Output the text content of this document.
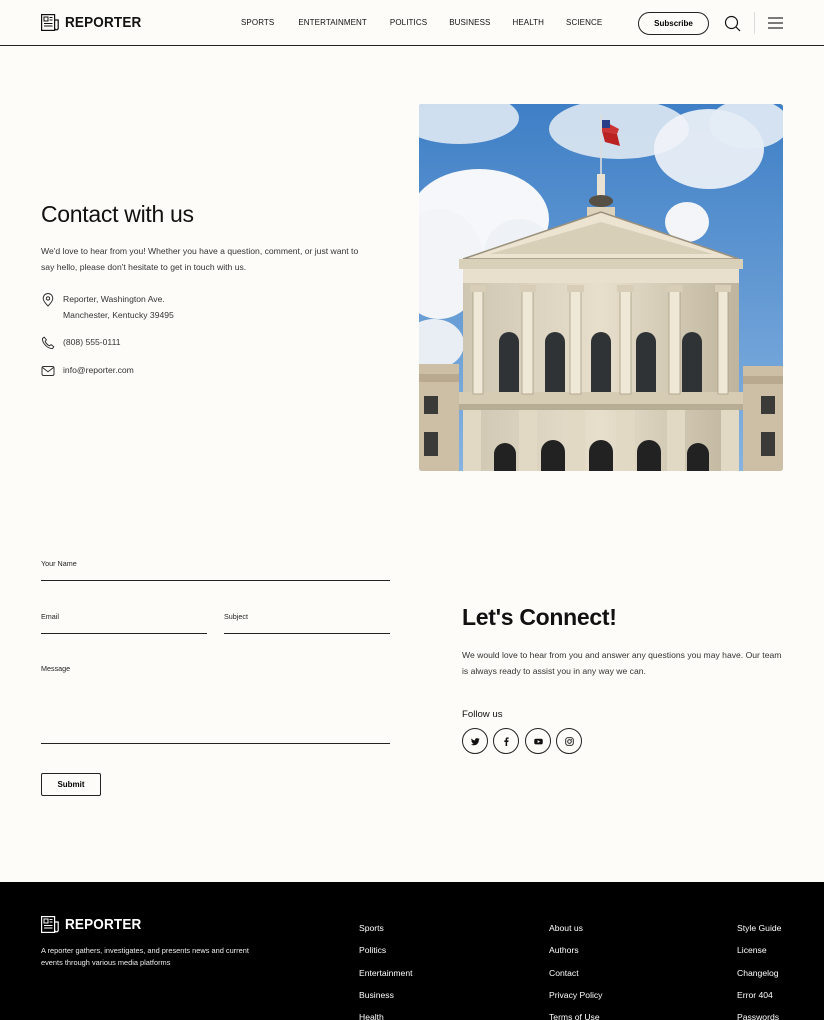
REPORTER	SPORTS	ENTERTAINMENT	POLITICS	BUSINESS	HEALTH	SCIENCE	Subscribe
Contact with us

We'd love to hear from you! Whether you have a question, comment, or just want to say hello, please don't hesitate to get in touch with us.

Reporter, Washington Ave.
Manchester, Kentucky 39495
(808) 555-0111
info@reporter.com
Your Name
Email	Subject
Message
Submit
Let's Connect!

We would love to hear from you and answer any questions you may have. Our team is always ready to assist you in any way we can.

Follow us
REPORTER

A reporter gathers, investigates, and presents news and current events through various media platforms

Sports
Politics
Entertainment
Business
Health
About us
Authors
Contact
Privacy Policy
Terms of Use
Style Guide
License
Changelog
Error 404
Passwords
